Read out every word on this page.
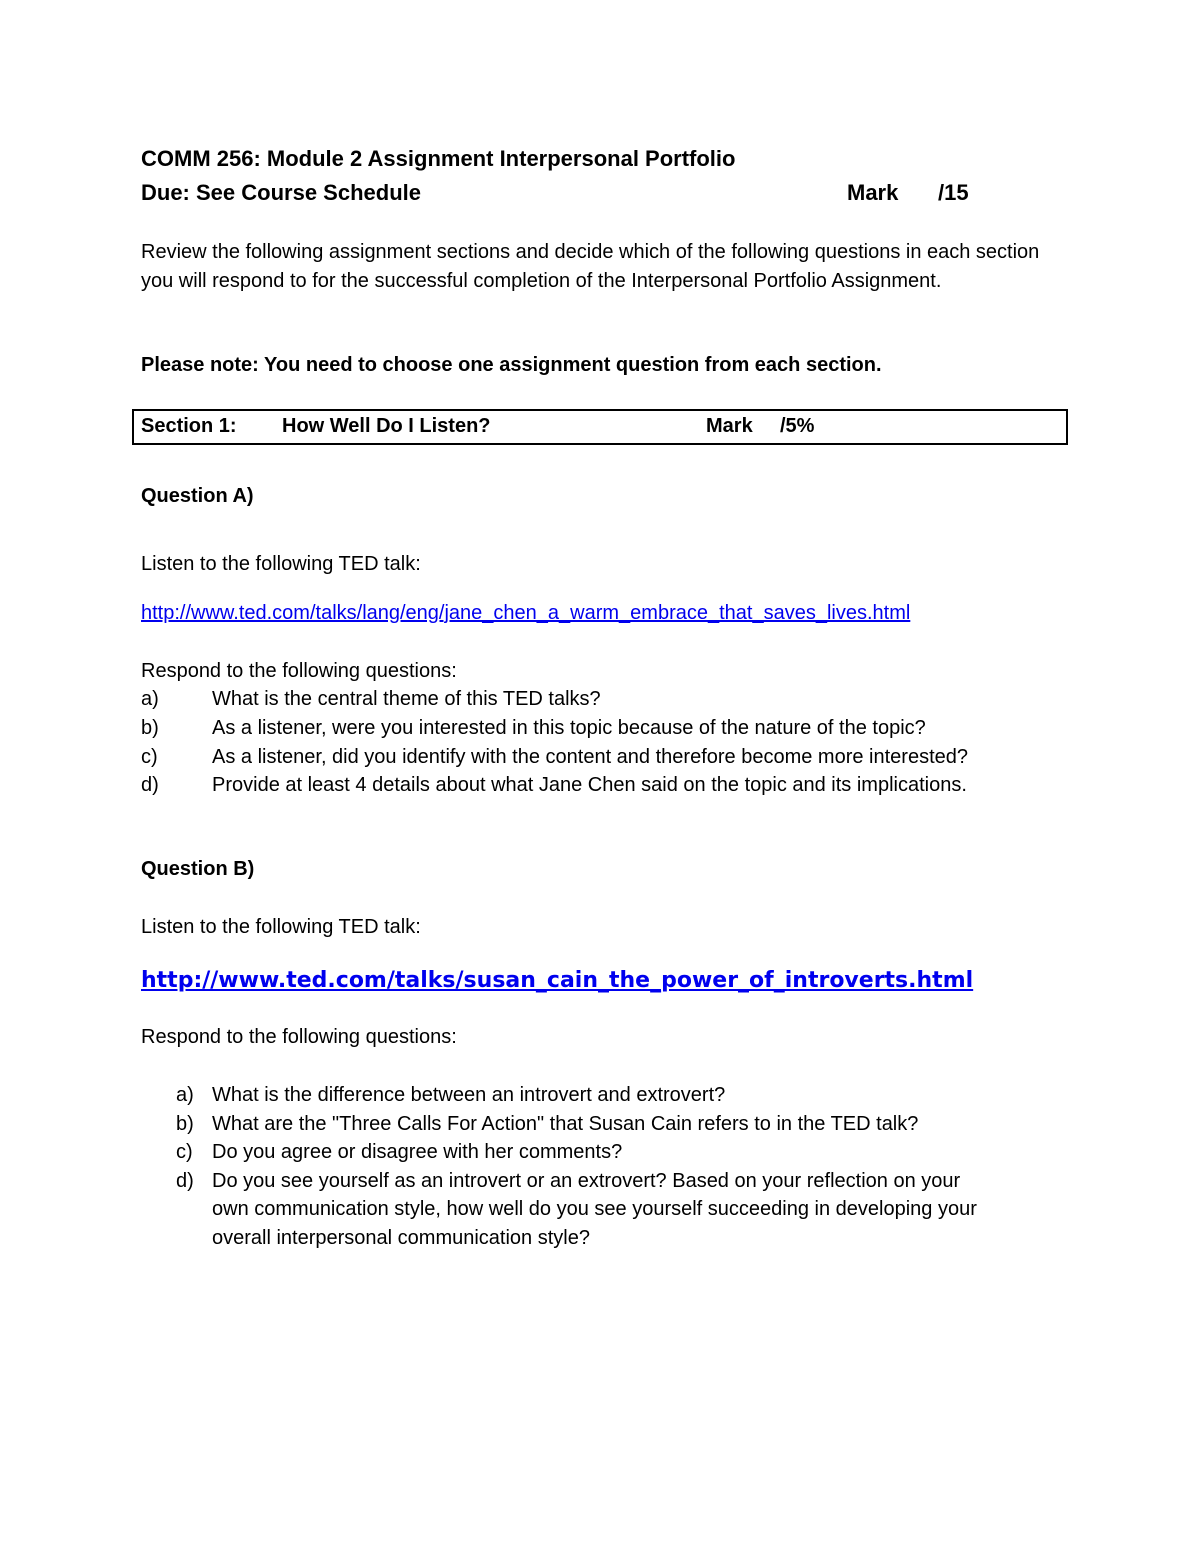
COMM 256: Module 2 Assignment Interpersonal Portfolio
Due: See Course Schedule	Mark /15
Review the following assignment sections and decide which of the following questions in each section you will respond to for the successful completion of the Interpersonal Portfolio Assignment.
Please note: You need to choose one assignment question from each section.
Section 1: How Well Do I Listen?	Mark /5%
Question A)
Listen to the following TED talk:
http://www.ted.com/talks/lang/eng/jane_chen_a_warm_embrace_that_saves_lives.html
Respond to the following questions:
a)	What is the central theme of this TED talks?
b)	As a listener, were you interested in this topic because of the nature of the topic?
c)	As a listener, did you identify with the content and therefore become more interested?
d)	Provide at least 4 details about what Jane Chen said on the topic and its implications.
Question B)
Listen to the following TED talk:
http://www.ted.com/talks/susan_cain_the_power_of_introverts.html
Respond to the following questions:
a) What is the difference between an introvert and extrovert?
b) What are the "Three Calls For Action" that Susan Cain refers to in the TED talk?
c) Do you agree or disagree with her comments?
d) Do you see yourself as an introvert or an extrovert? Based on your reflection on your
own communication style, how well do you see yourself succeeding in developing your
overall interpersonal communication style?
